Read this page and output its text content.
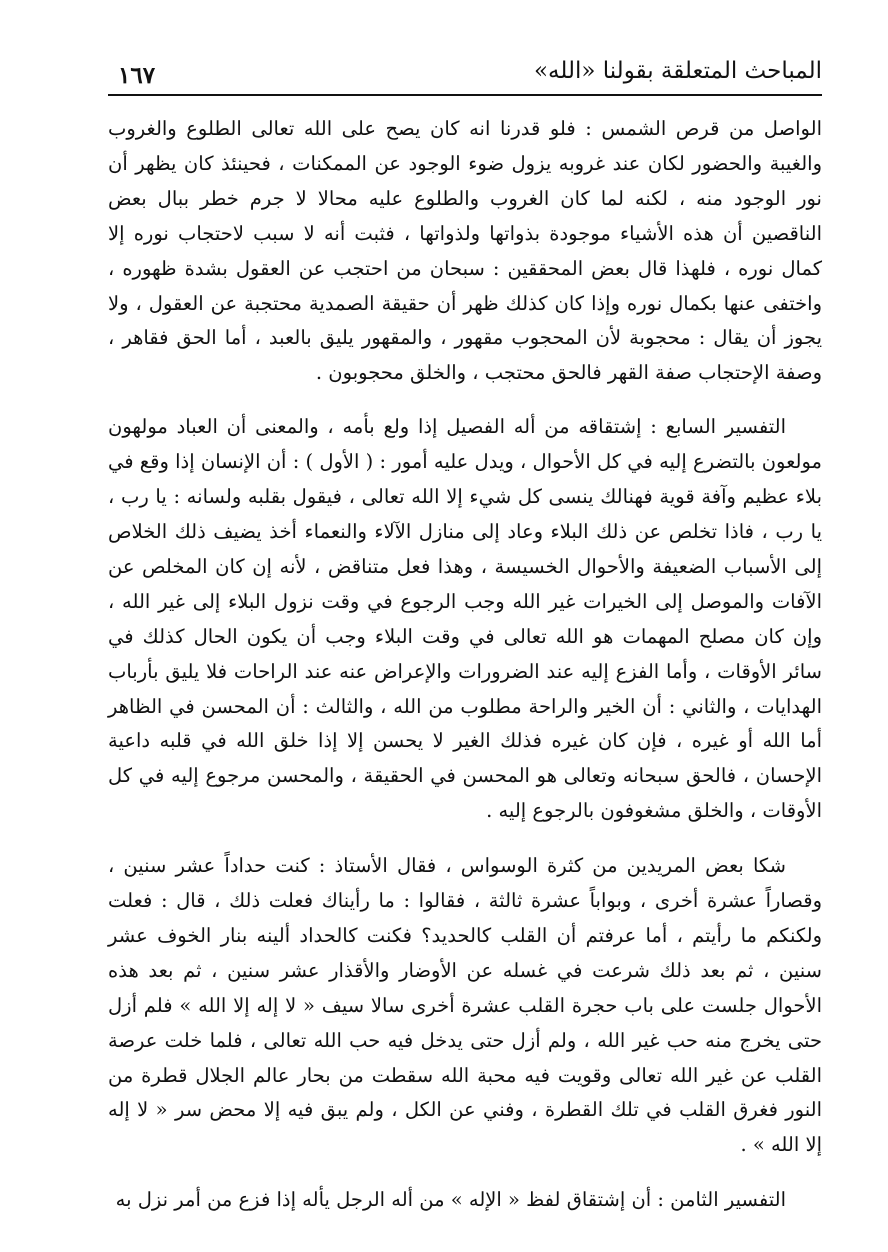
المباحث المتعلقة بقولنا «الله»
١٦٧

الواصل من قرص الشمس : فلو قدرنا انه كان يصح على الله تعالى الطلوع والغروب والغيبة والحضور لكان عند غروبه يزول ضوء الوجود عن الممكنات ، فحينئذ كان يظهر أن نور الوجود منه ، لكنه لما كان الغروب والطلوع عليه محالا لا جرم خطر ببال بعض الناقصين أن هذه الأشياء موجودة بذواتها ولذواتها ، فثبت أنه لا سبب لاحتجاب نوره إلا كمال نوره ، فلهذا قال بعض المحققين : سبحان من احتجب عن العقول بشدة ظهوره ، واختفى عنها بكمال نوره وإذا كان كذلك ظهر أن حقيقة الصمدية محتجبة عن العقول ، ولا يجوز أن يقال : محجوبة لأن المحجوب مقهور ، والمقهور يليق بالعبد ، أما الحق فقاهر ، وصفة الإحتجاب صفة القهر فالحق محتجب ، والخلق محجوبون .

التفسير السابع : إشتقاقه من أله الفصيل إذا ولع بأمه ، والمعنى أن العباد مولهون مولعون بالتضرع إليه في كل الأحوال ، ويدل عليه أمور : ( الأول ) : أن الإنسان إذا وقع في بلاء عظيم وآفة قوية فهنالك ينسى كل شيء إلا الله تعالى ، فيقول بقلبه ولسانه : يا رب ، يا رب ، فاذا تخلص عن ذلك البلاء وعاد إلى منازل الآلاء والنعماء أخذ يضيف ذلك الخلاص إلى الأسباب الضعيفة والأحوال الخسيسة ، وهذا فعل متناقض ، لأنه إن كان المخلص عن الآفات والموصل إلى الخيرات غير الله وجب الرجوع في وقت نزول البلاء إلى غير الله ، وإن كان مصلح المهمات هو الله تعالى في وقت البلاء وجب أن يكون الحال كذلك في سائر الأوقات ، وأما الفزع إليه عند الضرورات والإعراض عنه عند الراحات فلا يليق بأرباب الهدايات ، والثاني : أن الخير والراحة مطلوب من الله ، والثالث : أن المحسن في الظاهر أما الله أو غيره ، فإن كان غيره فذلك الغير لا يحسن إلا إذا خلق الله في قلبه داعية الإحسان ، فالحق سبحانه وتعالى هو المحسن في الحقيقة ، والمحسن مرجوع إليه في كل الأوقات ، والخلق مشغوفون بالرجوع إليه .

شكا بعض المريدين من كثرة الوسواس ، فقال الأستاذ : كنت حداداً عشر سنين ، وقصاراً عشرة أخرى ، وبواباً عشرة ثالثة ، فقالوا : ما رأيناك فعلت ذلك ، قال : فعلت ولكنكم ما رأيتم ، أما عرفتم أن القلب كالحديد؟ فكنت كالحداد ألينه بنار الخوف عشر سنين ، ثم بعد ذلك شرعت في غسله عن الأوضار والأقذار عشر سنين ، ثم بعد هذه الأحوال جلست على باب حجرة القلب عشرة أخرى سالا سيف « لا إله إلا الله » فلم أزل حتى يخرج منه حب غير الله ، ولم أزل حتى يدخل فيه حب الله تعالى ، فلما خلت عرصة القلب عن غير الله تعالى وقويت فيه محبة الله سقطت من بحار عالم الجلال قطرة من النور فغرق القلب في تلك القطرة ، وفني عن الكل ، ولم يبق فيه إلا محض سر « لا إله إلا الله » .

التفسير الثامن : أن إشتقاق لفظ « الإله » من أله الرجل يأله إذا فزع من أمر نزل به
